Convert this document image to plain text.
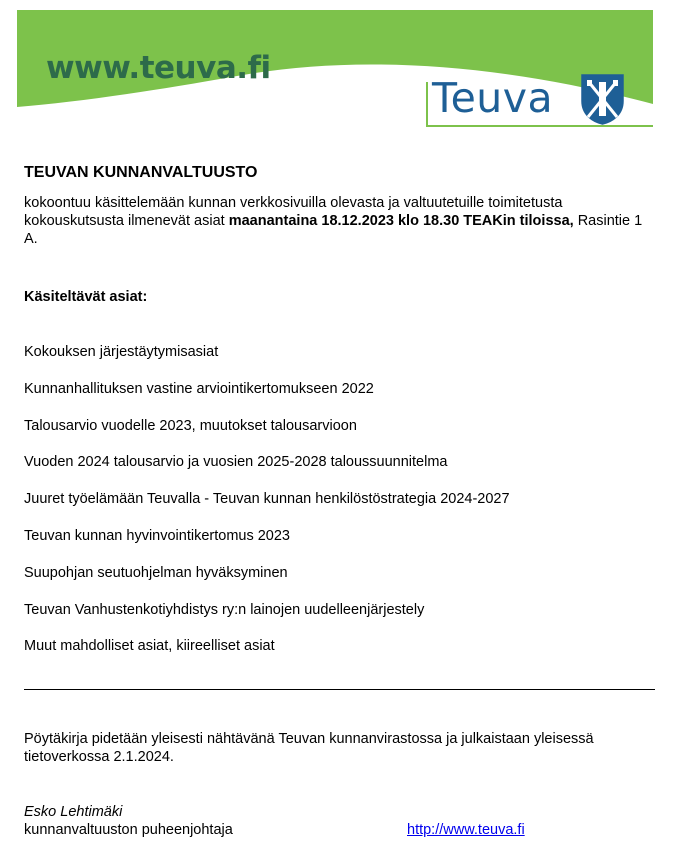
www.teuva.fi
Teuva
TEUVAN KUNNANVALTUUSTO

kokoontuu käsittelemään kunnan verkkosivuilla olevasta ja valtuutetuille toimitetusta kokouskutsusta ilmenevät asiat maanantaina 18.12.2023 klo 18.30 TEAKin tiloissa, Rasintie 1 A.

Käsiteltävät asiat:
Kokouksen järjestäytymisasiat
Kunnanhallituksen vastine arviointikertomukseen 2022
Talousarvio vuodelle 2023, muutokset talousarvioon
Vuoden 2024 talousarvio ja vuosien 2025-2028 taloussuunnitelma
Juuret työelämään Teuvalla - Teuvan kunnan henkilöstöstrategia 2024-2027
Teuvan kunnan hyvinvointikertomus 2023
Suupohjan seutuohjelman hyväksyminen
Teuvan Vanhustenkotiyhdistys ry:n lainojen uudelleenjärjestely
Muut mahdolliset asiat, kiireelliset asiat
Pöytäkirja pidetään yleisesti nähtävänä Teuvan kunnanvirastossa ja julkaistaan yleisessä tietoverkossa 2.1.2024.
Esko Lehtimäki
kunnanvaltuuston puheenjohtaja	http://www.teuva.fi
